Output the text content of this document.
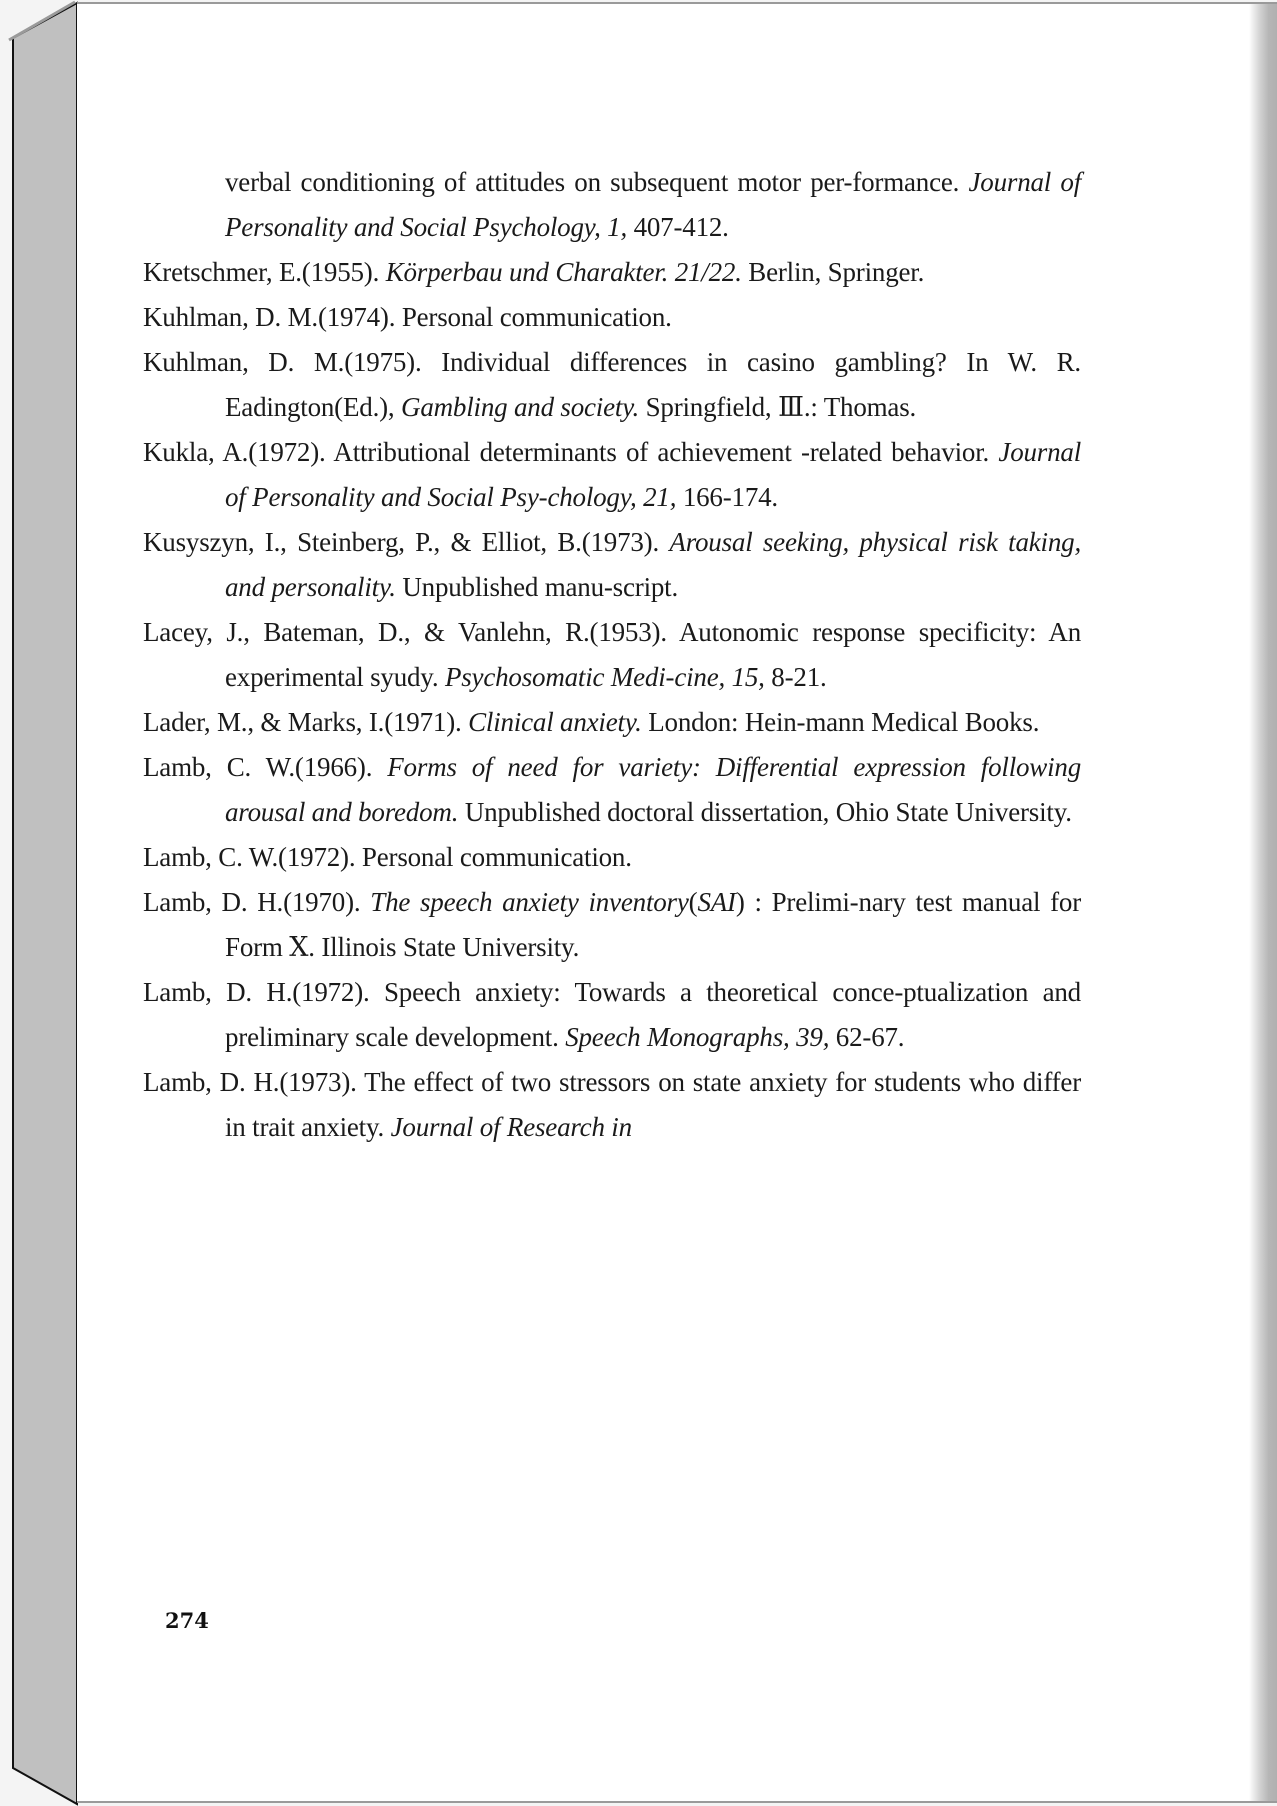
verbal conditioning of attitudes on subsequent motor per-formance. Journal of Personality and Social Psychology, 1, 407-412.

Kretschmer, E.(1955). Körperbau und Charakter. 21/22. Berlin, Springer.

Kuhlman, D. M.(1974). Personal communication.

Kuhlman, D. M.(1975). Individual differences in casino gambling? In W. R. Eadington(Ed.), Gambling and society. Springfield, Ⅲ.: Thomas.

Kukla, A.(1972). Attributional determinants of achievement -related behavior. Journal of Personality and Social Psy-chology, 21, 166-174.

Kusyszyn, I., Steinberg, P., & Elliot, B.(1973). Arousal seeking, physical risk taking, and personality. Unpublished manu-script.

Lacey, J., Bateman, D., & Vanlehn, R.(1953). Autonomic response specificity: An experimental syudy. Psychosomatic Medi-cine, 15, 8-21.

Lader, M., & Marks, I.(1971). Clinical anxiety. London: Hein-mann Medical Books.

Lamb, C. W.(1966). Forms of need for variety: Differential expression following arousal and boredom. Unpublished doctoral dissertation, Ohio State University.

Lamb, C. W.(1972). Personal communication.

Lamb, D. H.(1970). The speech anxiety inventory(SAI) : Prelimi-nary test manual for Form Ⅹ. Illinois State University.

Lamb, D. H.(1972). Speech anxiety: Towards a theoretical conce-ptualization and preliminary scale development. Speech Monographs, 39, 62-67.

Lamb, D. H.(1973). The effect of two stressors on state anxiety for students who differ in trait anxiety. Journal of Research in

274
